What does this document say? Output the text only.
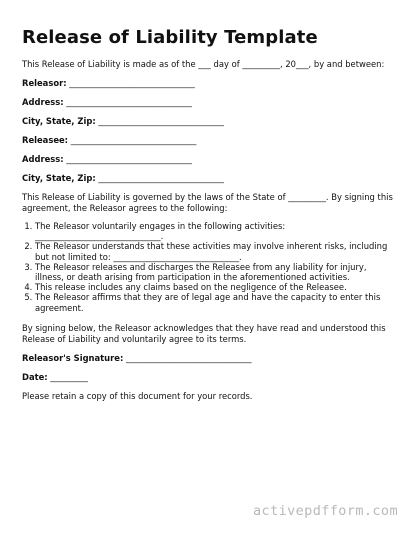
Release of Liability Template

This Release of Liability is made as of the ___ day of _________, 20___, by and between:

Releasor: ______________________________
Address: ______________________________
City, State, Zip: ______________________________
Releasee: ______________________________
Address: ______________________________
City, State, Zip: ______________________________

This Release of Liability is governed by the laws of the State of _________. By signing this agreement, the Releasor agrees to the following:

1. The Releasor voluntarily engages in the following activities:
______________________________.
2. The Releasor understands that these activities may involve inherent risks, including but not limited to: ______________________________.
3. The Releasor releases and discharges the Releasee from any liability for injury, illness, or death arising from participation in the aforementioned activities.
4. This release includes any claims based on the negligence of the Releasee.
5. The Releasor affirms that they are of legal age and have the capacity to enter this agreement.

By signing below, the Releasor acknowledges that they have read and understood this Release of Liability and voluntarily agree to its terms.

Releasor's Signature: ______________________________
Date: _________

Please retain a copy of this document for your records.

activepdfform.com
